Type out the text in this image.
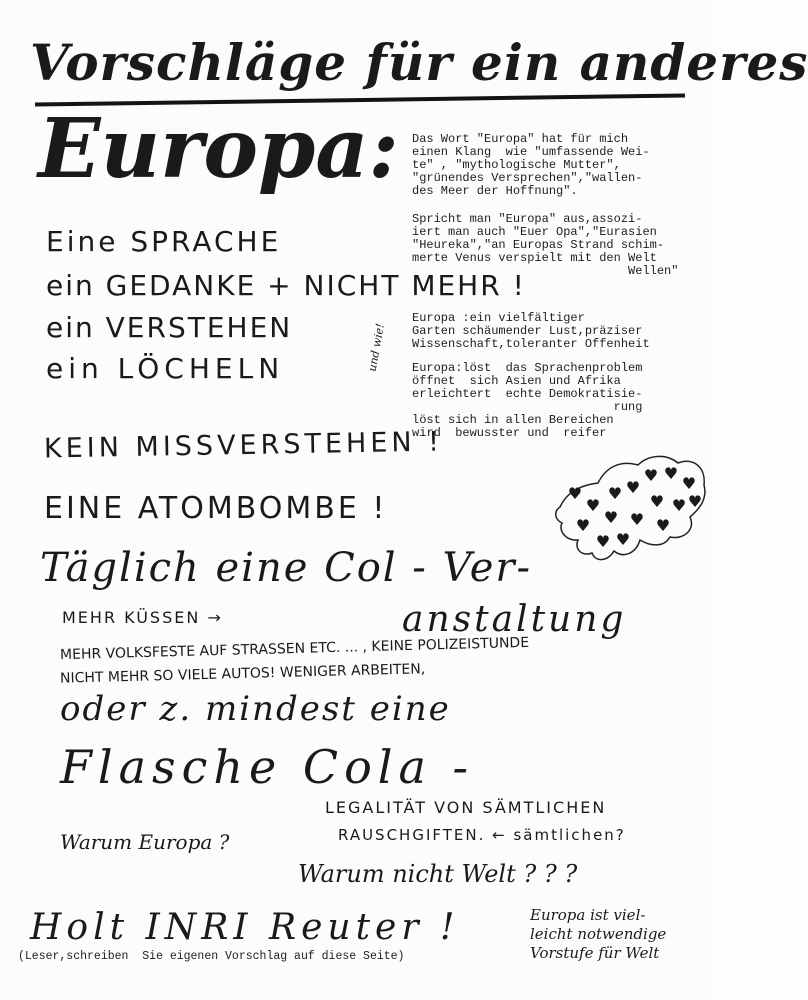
Vorschläge für ein anderes
Europa: Das Wort "Europa" hat für mich
einen Klang  wie "umfassende Wei-
te" , "mythologische Mutter",
"grünendes Versprechen","wallen-
des Meer der Hoffnung".
Spricht man "Europa" aus,assozi-
iert man auch "Euer Opa","Eurasien
"Heureka","an Europas Strand schim-
merte Venus verspielt mit den Welt
Wellen"
Europa :ein vielfältiger
Garten schäumender Lust,präziser
Wissenschaft,toleranter Offenheit
Europa:löst  das Sprachenproblem
öffnet  sich Asien und Afrika
erleichtert  echte Demokratisie-
rung
löst sich in allen Bereichen
wird  bewusster und  reifer
Eine SPRACHE
ein GEDANKE + NICHT MEHR !
ein VERSTEHEN
ein LÖCHELN	und wie!
KEIN MISSVERSTEHEN !
EINE ATOMBOMBE !
Täglich eine Col - Ver-
MEHR KÜSSEN →	anstaltung
MEHR VOLKSFESTE AUF STRASSEN ETC. ... , KEINE POLIZEISTUNDE
NICHT MEHR SO VIELE AUTOS! WENIGER ARBEITEN,
oder z. mindest eine
Flasche Cola -
LEGALITÄT VON SÄMTLICHEN
RAUSCHGIFTEN. ← sämtlichen?
Warum Europa ?
Warum nicht Welt ? ? ?
Holt INRI Reuter !	Europa ist viel-
leicht notwendige
Vorstufe für Welt
(Leser,schreiben  Sie eigenen Vorschlag auf diese Seite)
